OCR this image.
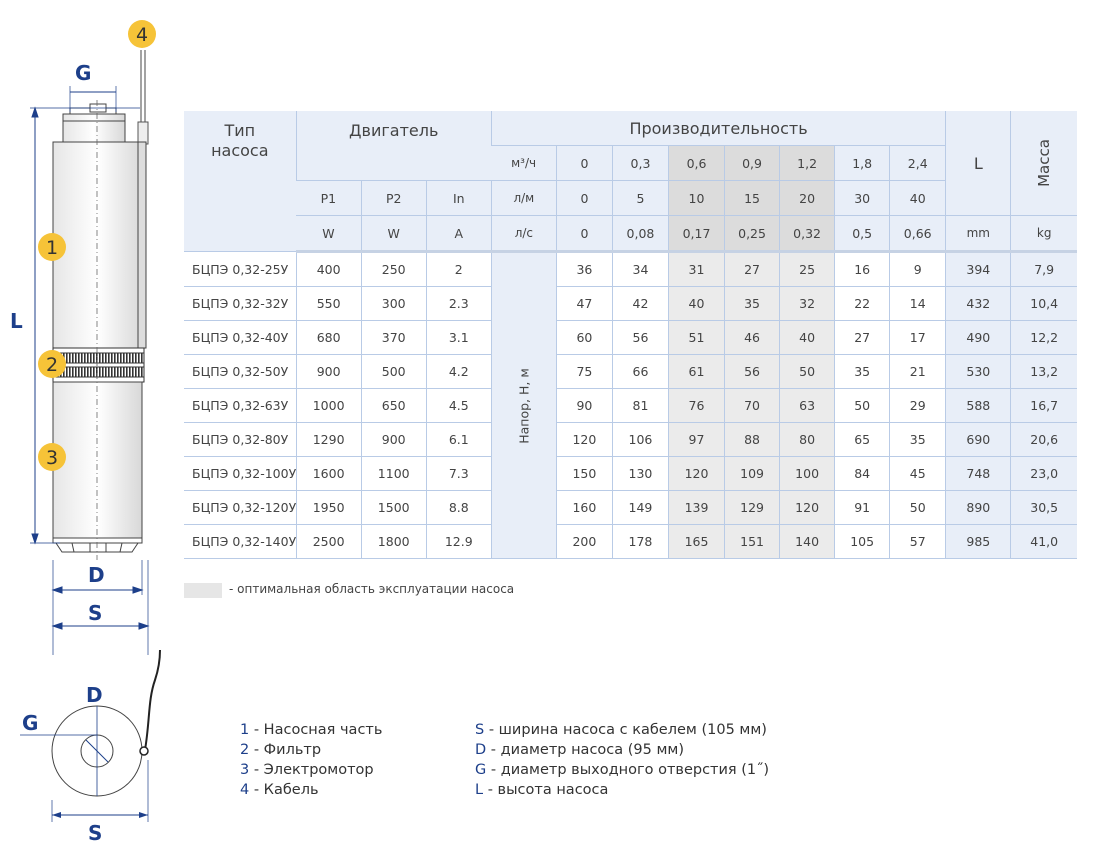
L
G
D
S
4
1
2
3
D
G
S
Тип насоса	Двигатель			Производительность								L	Масса
				м³/ч	0	0,3	0,6	0,9	1,2	1,8	2,4		
	P1	P2	In	л/м	0	5	10	15	20	30	40		
	W	W	A	л/с	0	0,08	0,17	0,25	0,32	0,5	0,66	mm	kg
БЦПЭ 0,32-25У	400	250	2	Напор, Н, м	36	34	31	27	25	16	9	394	7,9
БЦПЭ 0,32-32У	550	300	2.3		47	42	40	35	32	22	14	432	10,4
БЦПЭ 0,32-40У	680	370	3.1		60	56	51	46	40	27	17	490	12,2
БЦПЭ 0,32-50У	900	500	4.2		75	66	61	56	50	35	21	530	13,2
БЦПЭ 0,32-63У	1000	650	4.5		90	81	76	70	63	50	29	588	16,7
БЦПЭ 0,32-80У	1290	900	6.1		120	106	97	88	80	65	35	690	20,6
БЦПЭ 0,32-100У	1600	1100	7.3		150	130	120	109	100	84	45	748	23,0
БЦПЭ 0,32-120У	1950	1500	8.8		160	149	139	129	120	91	50	890	30,5
БЦПЭ 0,32-140У	2500	1800	12.9		200	178	165	151	140	105	57	985	41,0
- оптимальная область эксплуатации насоса
1 - Насосная часть
2 - Фильтр
3 - Электромотор
4 - Кабель
S - ширина насоса с кабелем (105 мм)
D - диаметр насоса (95 мм)
G - диаметр выходного отверстия (1˝)
L - высота насоса
